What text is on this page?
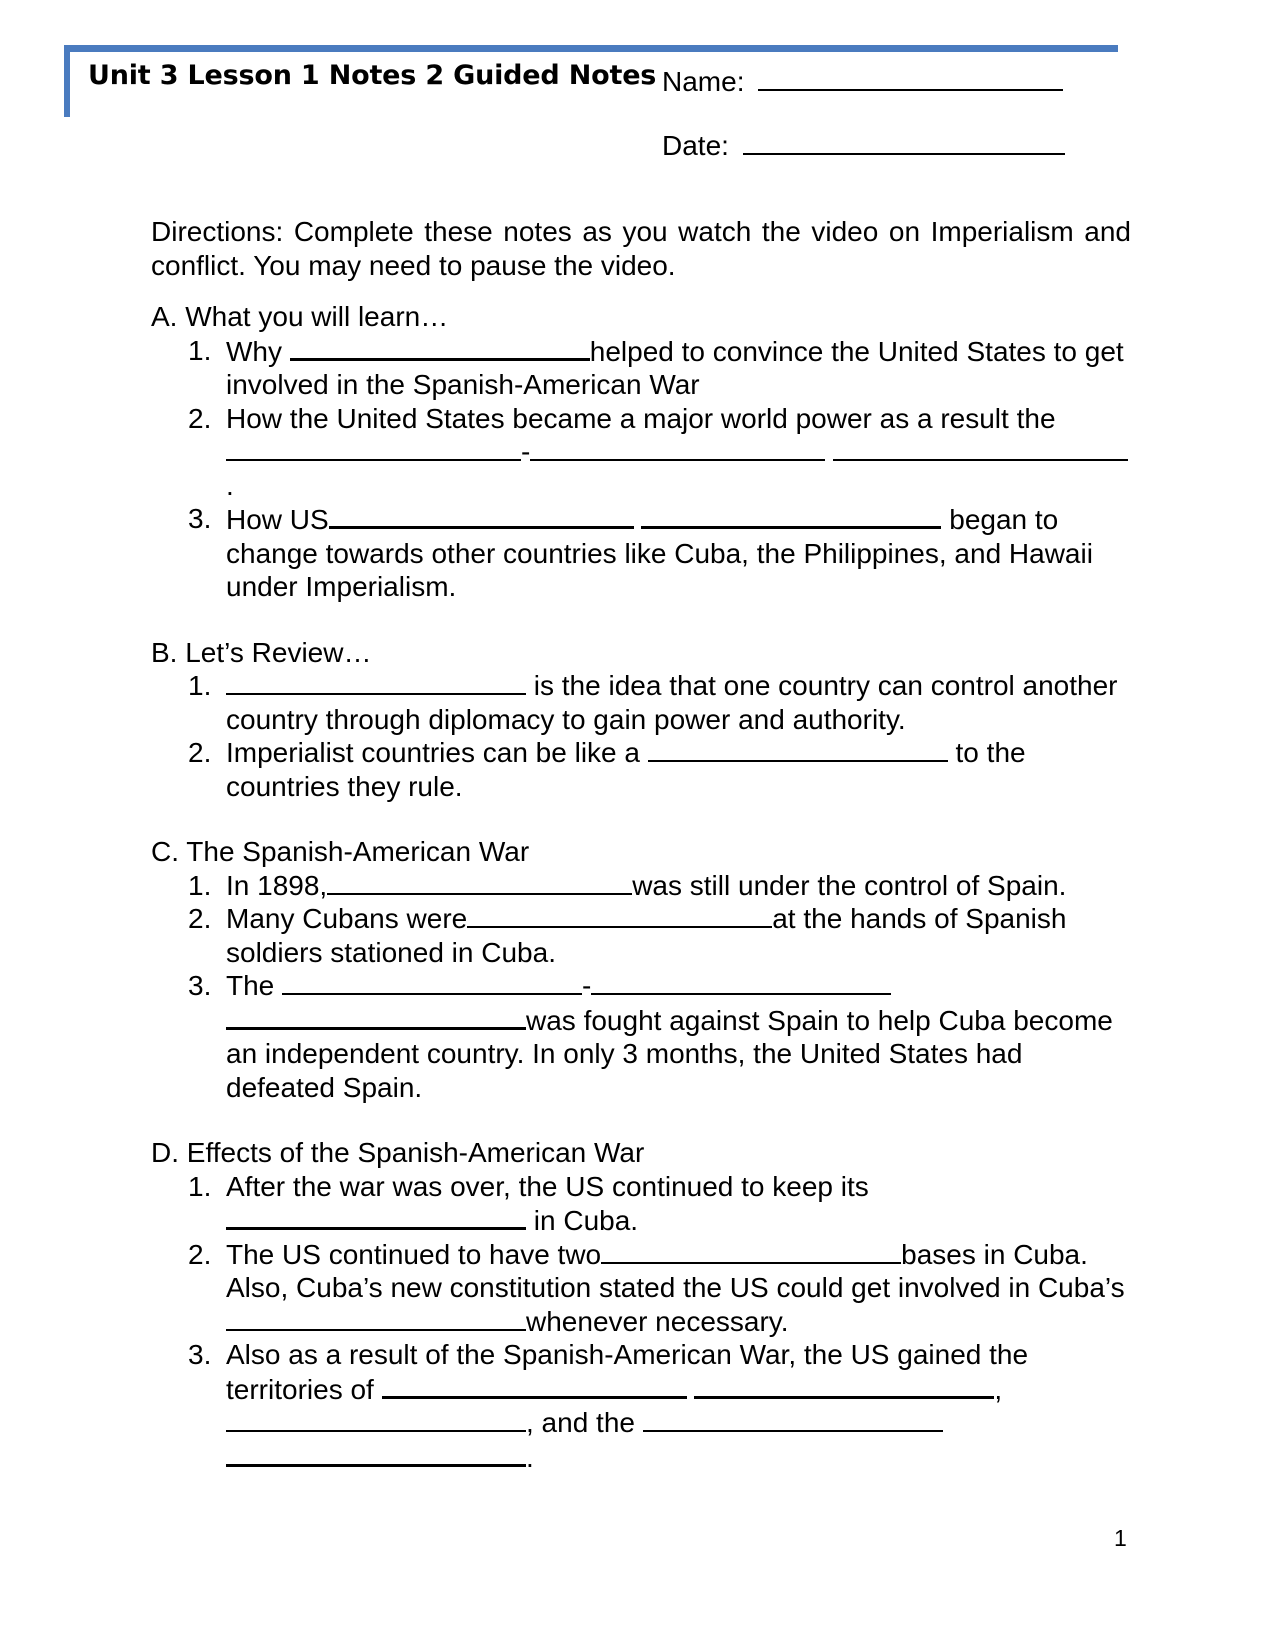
Unit 3 Lesson 1 Notes 2 Guided Notes Name:
Date:

Directions: Complete these notes as you watch the video on Imperialism and conflict. You may need to pause the video.

A. What you will learn…

1. Why	helped to convince the United States to get involved in the Spanish-American War
2. How the United States became a major world power as a result the - .
3. How US	began to change towards other countries like Cuba, the Philippines, and Hawaii under Imperialism.

B. Let’s Review…

1.	is the idea that one country can control another country through diplomacy to gain power and authority.
2. Imperialist countries can be like a	to the countries they rule.

C. The Spanish-American War

1. In 1898,	was still under the control of Spain.
2. Many Cubans were	at the hands of Spanish soldiers stationed in Cuba.
3. The	- was fought against Spain to help Cuba become an independent country. In only 3 months, the United States had defeated Spain.

D. Effects of the Spanish-American War

1. After the war was over, the US continued to keep its  in Cuba.
2. The US continued to have two	bases in Cuba. Also, Cuba’s new constitution stated the US could get involved in Cuba’s whenever necessary.
3. Also as a result of the Spanish-American War, the US gained the territories of	, , and the  .
1
